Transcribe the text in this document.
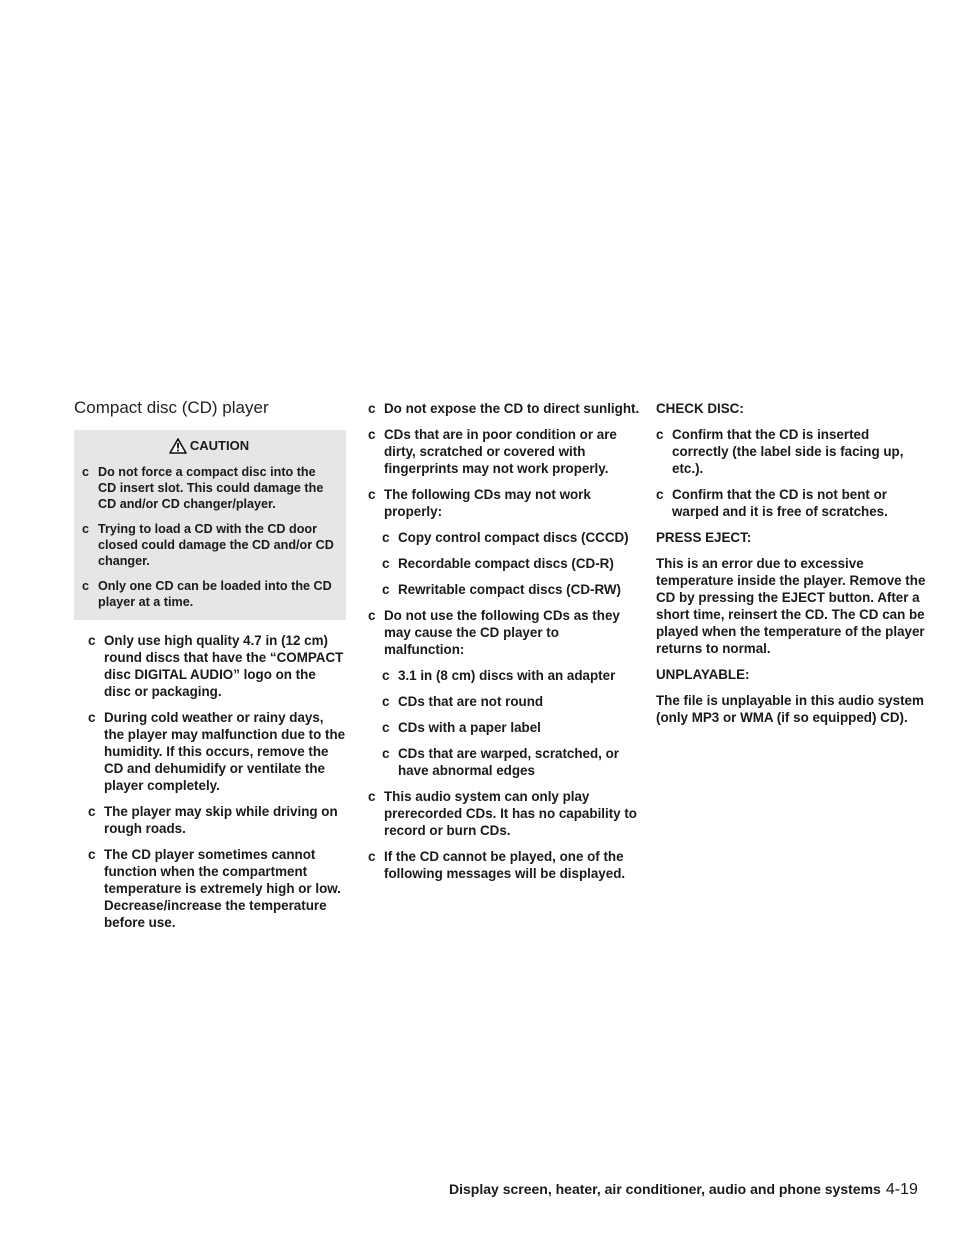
Compact disc (CD) player
CAUTION
c Do not force a compact disc into the CD insert slot. This could damage the CD and/or CD changer/player.
c Trying to load a CD with the CD door closed could damage the CD and/or CD changer.
c Only one CD can be loaded into the CD player at a time.
c Only use high quality 4.7 in (12 cm) round discs that have the “COMPACT disc DIGITAL AUDIO” logo on the disc or packaging.
c During cold weather or rainy days, the player may malfunction due to the humidity. If this occurs, remove the CD and dehumidify or ventilate the player completely.
c The player may skip while driving on rough roads.
c The CD player sometimes cannot function when the compartment temperature is extremely high or low. Decrease/increase the temperature before use.
c Do not expose the CD to direct sunlight.
c CDs that are in poor condition or are dirty, scratched or covered with fingerprints may not work properly.
c The following CDs may not work properly:
c Copy control compact discs (CCCD)
c Recordable compact discs (CD-R)
c Rewritable compact discs (CD-RW)
c Do not use the following CDs as they may cause the CD player to malfunction:
c 3.1 in (8 cm) discs with an adapter
c CDs that are not round
c CDs with a paper label
c CDs that are warped, scratched, or have abnormal edges
c This audio system can only play prerecorded CDs. It has no capability to record or burn CDs.
c If the CD cannot be played, one of the following messages will be displayed.
CHECK DISC:
c Confirm that the CD is inserted correctly (the label side is facing up, etc.).
c Confirm that the CD is not bent or warped and it is free of scratches.
PRESS EJECT:
This is an error due to excessive temperature inside the player. Remove the CD by pressing the EJECT button. After a short time, reinsert the CD. The CD can be played when the temperature of the player returns to normal.
UNPLAYABLE:
The file is unplayable in this audio system (only MP3 or WMA (if so equipped) CD).
Display screen, heater, air conditioner, audio and phone systems 4-19
